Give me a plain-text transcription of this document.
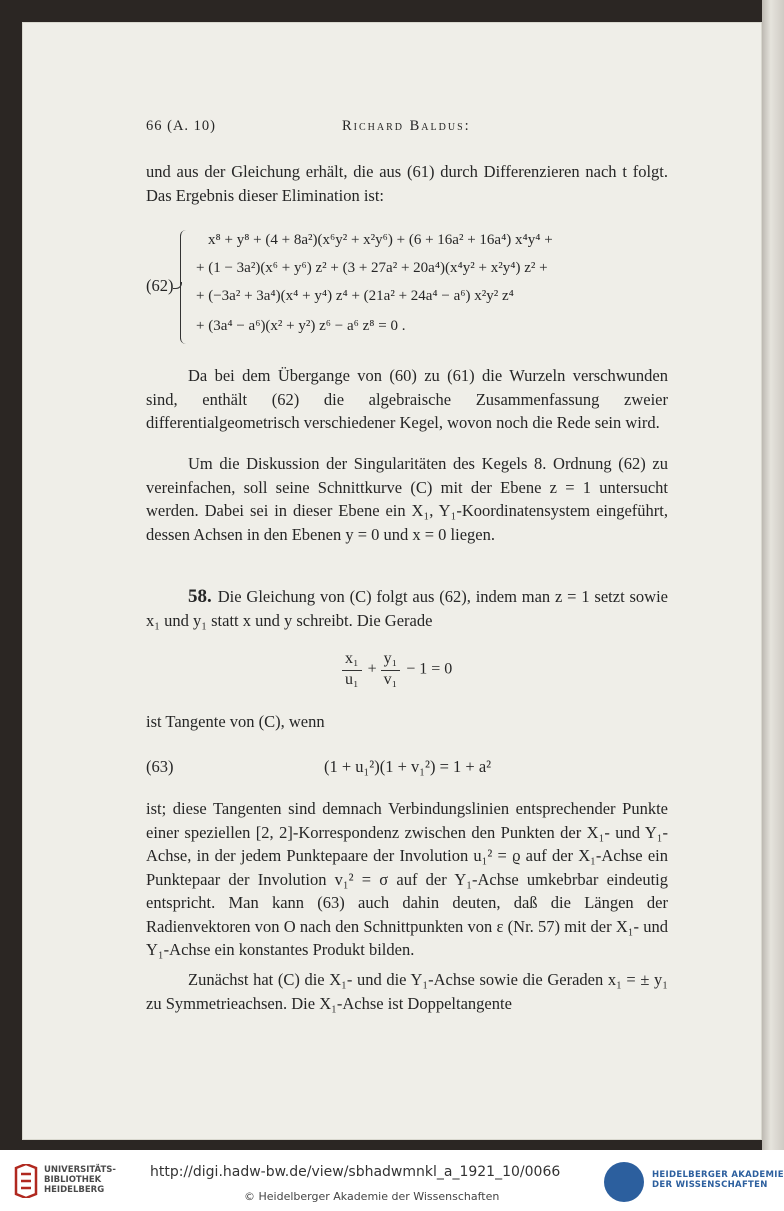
66 (A. 10)	Richard Baldus:

und aus der Gleichung erhält, die aus (61) durch Differenzieren nach t folgt. Das Ergebnis dieser Elimination ist:

(62)
x⁸ + y⁸ + (4 + 8a²)(x⁶y² + x²y⁶) + (6 + 16a² + 16a⁴) x⁴y⁴ +
+ (1 − 3a²)(x⁶ + y⁶) z² + (3 + 27a² + 20a⁴)(x⁴y² + x²y⁴) z² +
+ (−3a² + 3a⁴)(x⁴ + y⁴) z⁴ + (21a² + 24a⁴ − a⁶) x²y² z⁴
+ (3a⁴ − a⁶)(x² + y²) z⁶ − a⁶ z⁸ = 0 .

Da bei dem Übergange von (60) zu (61) die Wurzeln verschwunden sind, enthält (62) die algebraische Zusammenfassung zweier differentialgeometrisch verschiedener Kegel, wovon noch die Rede sein wird.

Um die Diskussion der Singularitäten des Kegels 8. Ordnung (62) zu vereinfachen, soll seine Schnittkurve (C) mit der Ebene z = 1 untersucht werden. Dabei sei in dieser Ebene ein X₁, Y₁-Koordinatensystem eingeführt, dessen Achsen in den Ebenen y = 0 und x = 0 liegen.

58. Die Gleichung von (C) folgt aus (62), indem man z = 1 setzt sowie x₁ und y₁ statt x und y schreibt. Die Gerade

$\frac{\text{x₁}}{\text{u₁}} + \frac{\text{y₁}}{\text{v₁}} - 1 = 0$

ist Tangente von (C), wenn

(63)	(1 + u₁²)(1 + v₁²) = 1 + a²

ist; diese Tangenten sind demnach Verbindungslinien entsprechender Punkte einer speziellen [2, 2]-Korrespondenz zwischen den Punkten der X₁- und Y₁-Achse, in der jedem Punktepaare der Involution u₁² = ϱ auf der X₁-Achse ein Punktepaar der Involution v₁² = σ auf der Y₁-Achse umkebrbar eindeutig entspricht. Man kann (63) auch dahin deuten, daß die Längen der Radienvektoren von O nach den Schnittpunkten von ε (Nr. 57) mit der X₁- und Y₁-Achse ein konstantes Produkt bilden.

Zunächst hat (C) die X₁- und die Y₁-Achse sowie die Geraden x₁ = ± y₁ zu Symmetrieachsen. Die X₁-Achse ist Doppeltangente

UNIVERSITÄTS-
BIBLIOTHEK
HEIDELBERG
http://digi.hadw-bw.de/view/sbhadwmnkl_a_1921_10/0066
© Heidelberger Akademie der Wissenschaften
HEIDELBERGER AKADEMIE
DER WISSENSCHAFTEN
